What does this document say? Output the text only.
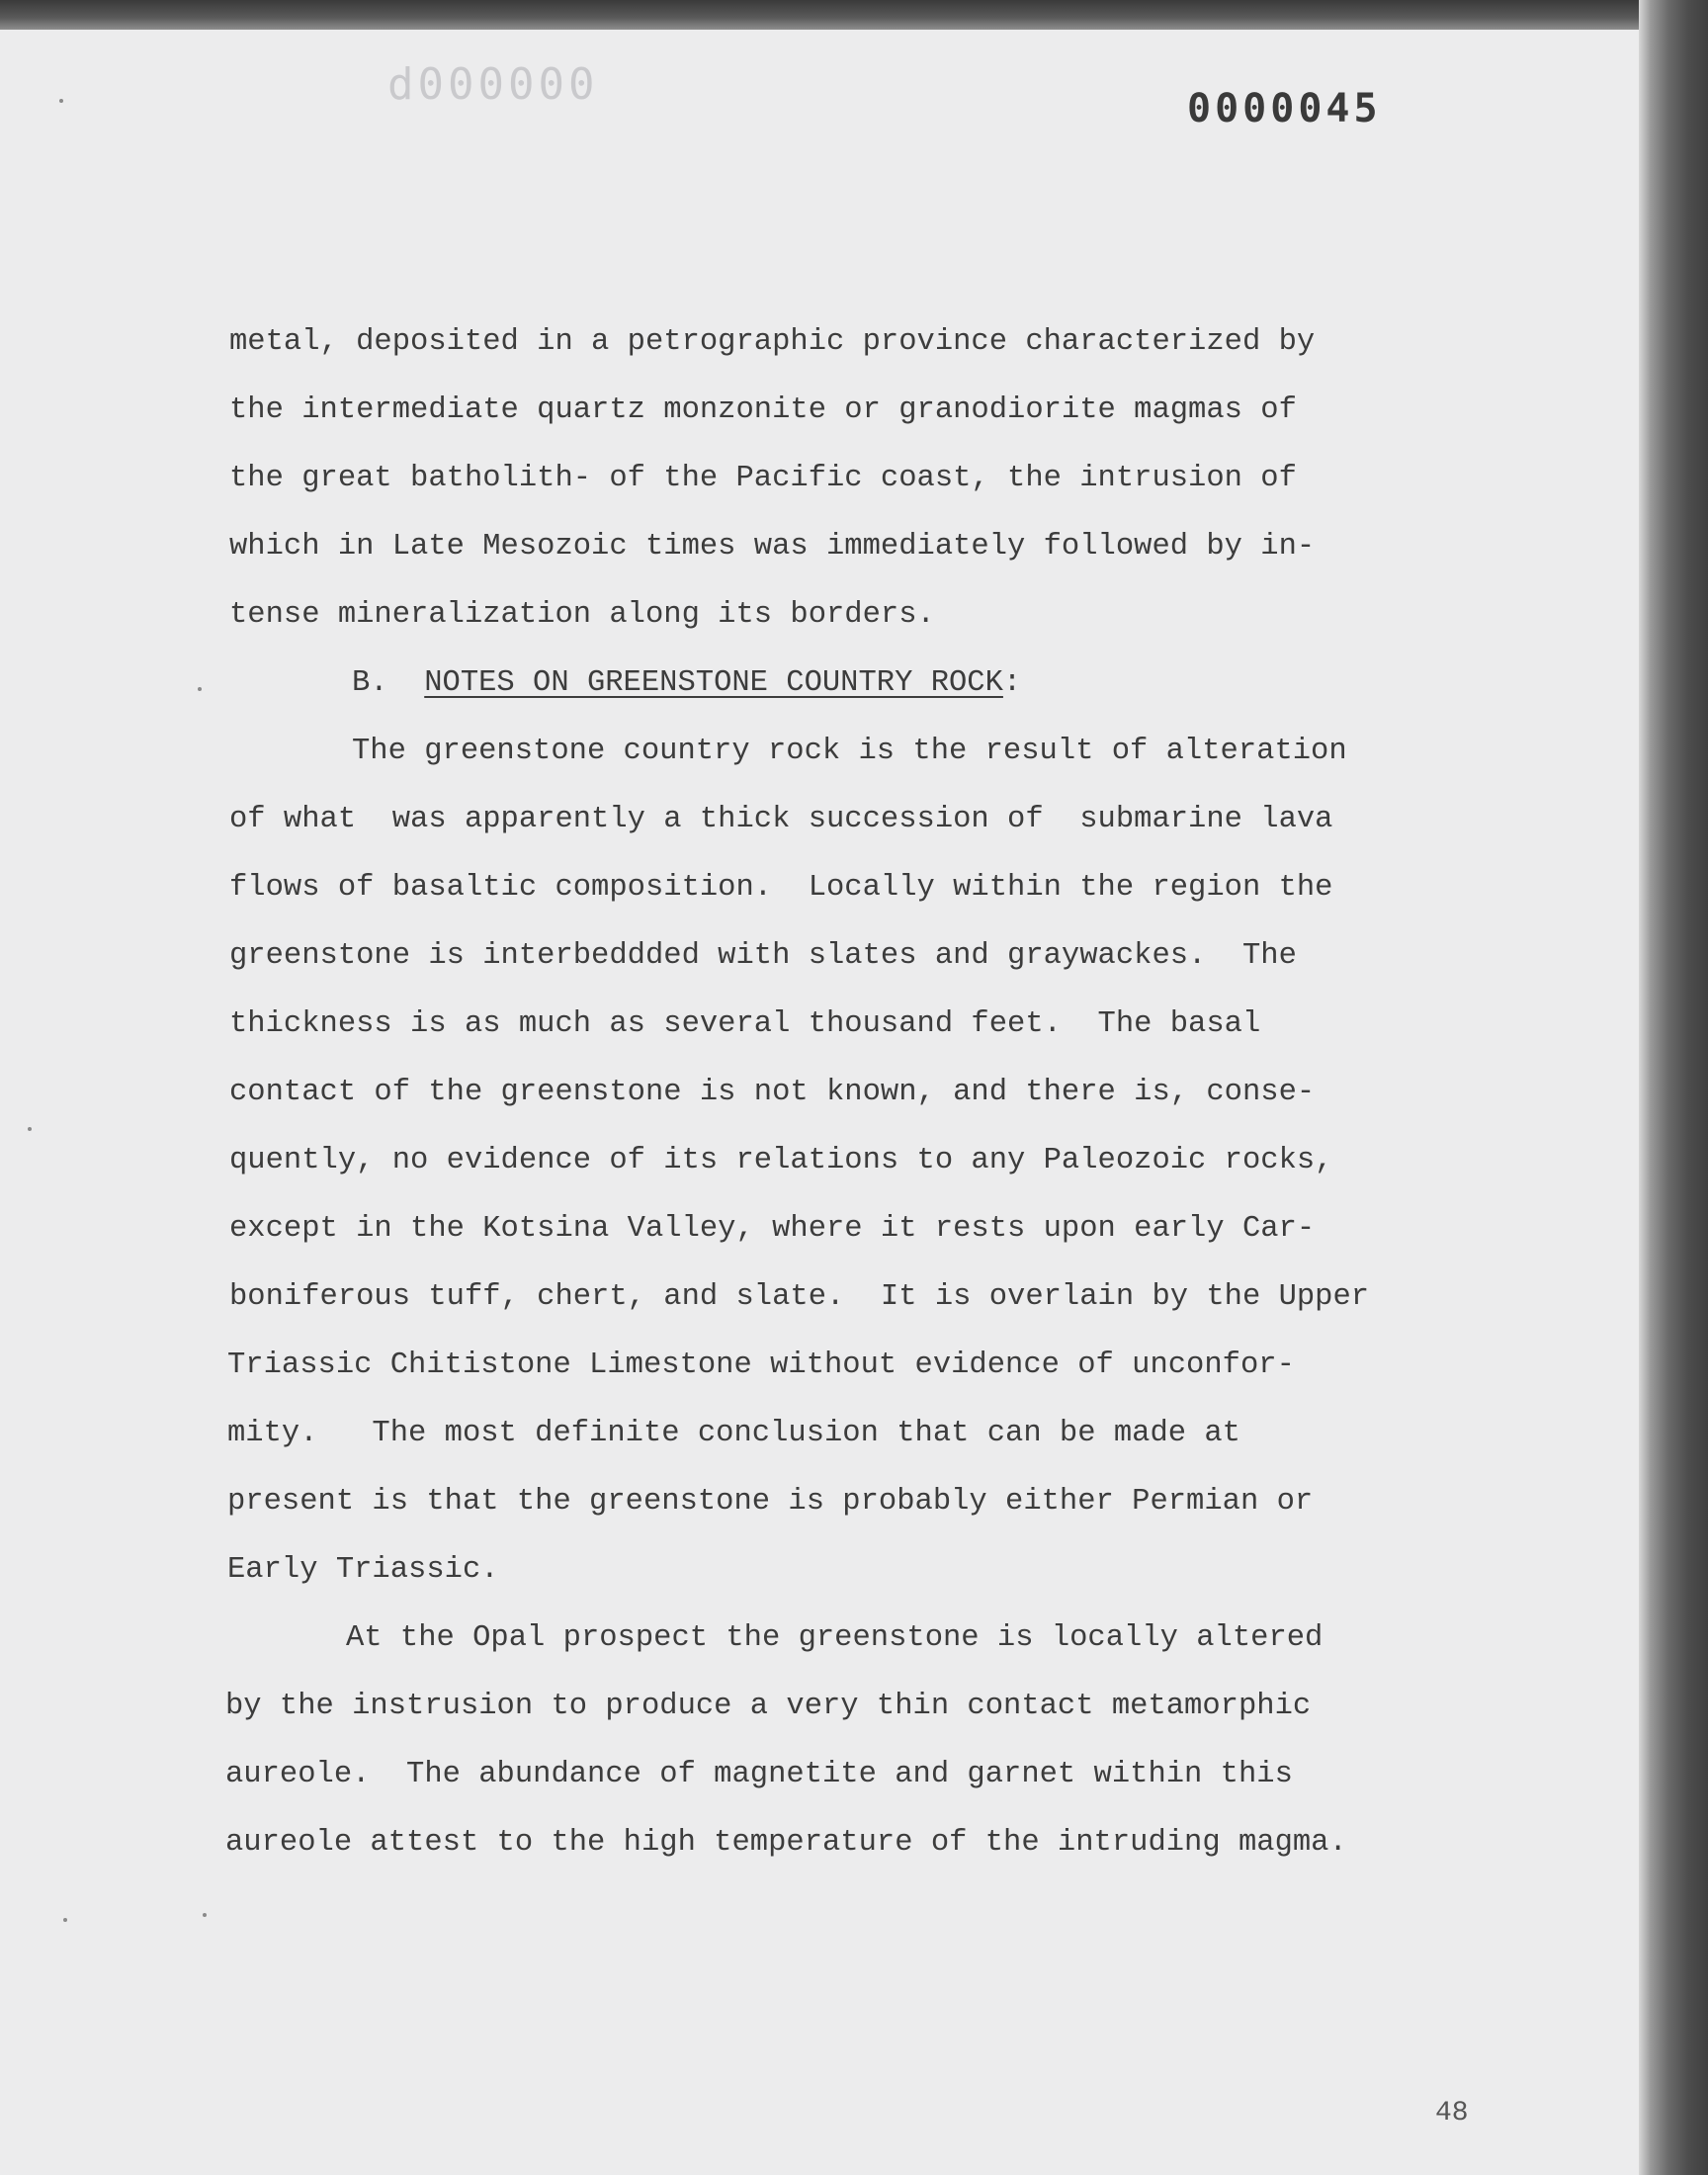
d000000	0000045
metal, deposited in a petrographic province characterized by
the intermediate quartz monzonite or granodiorite magmas of
the great batholith- of the Pacific coast, the intrusion of
which in Late Mesozoic times was immediately followed by in-
tense mineralization along its borders.
B. NOTES ON GREENSTONE COUNTRY ROCK:
The greenstone country rock is the result of alteration
of what  was apparently a thick succession of  submarine lava
flows of basaltic composition.  Locally within the region the
greenstone is interbeddded with slates and graywackes.  The
thickness is as much as several thousand feet.  The basal
contact of the greenstone is not known, and there is, conse-
quently, no evidence of its relations to any Paleozoic rocks,
except in the Kotsina Valley, where it rests upon early Car-
boniferous tuff, chert, and slate.  It is overlain by the Upper
Triassic Chitistone Limestone without evidence of unconfor-
mity.   The most definite conclusion that can be made at
present is that the greenstone is probably either Permian or
Early Triassic.
At the Opal prospect the greenstone is locally altered
by the instrusion to produce a very thin contact metamorphic
aureole.  The abundance of magnetite and garnet within this
aureole attest to the high temperature of the intruding magma.
48
